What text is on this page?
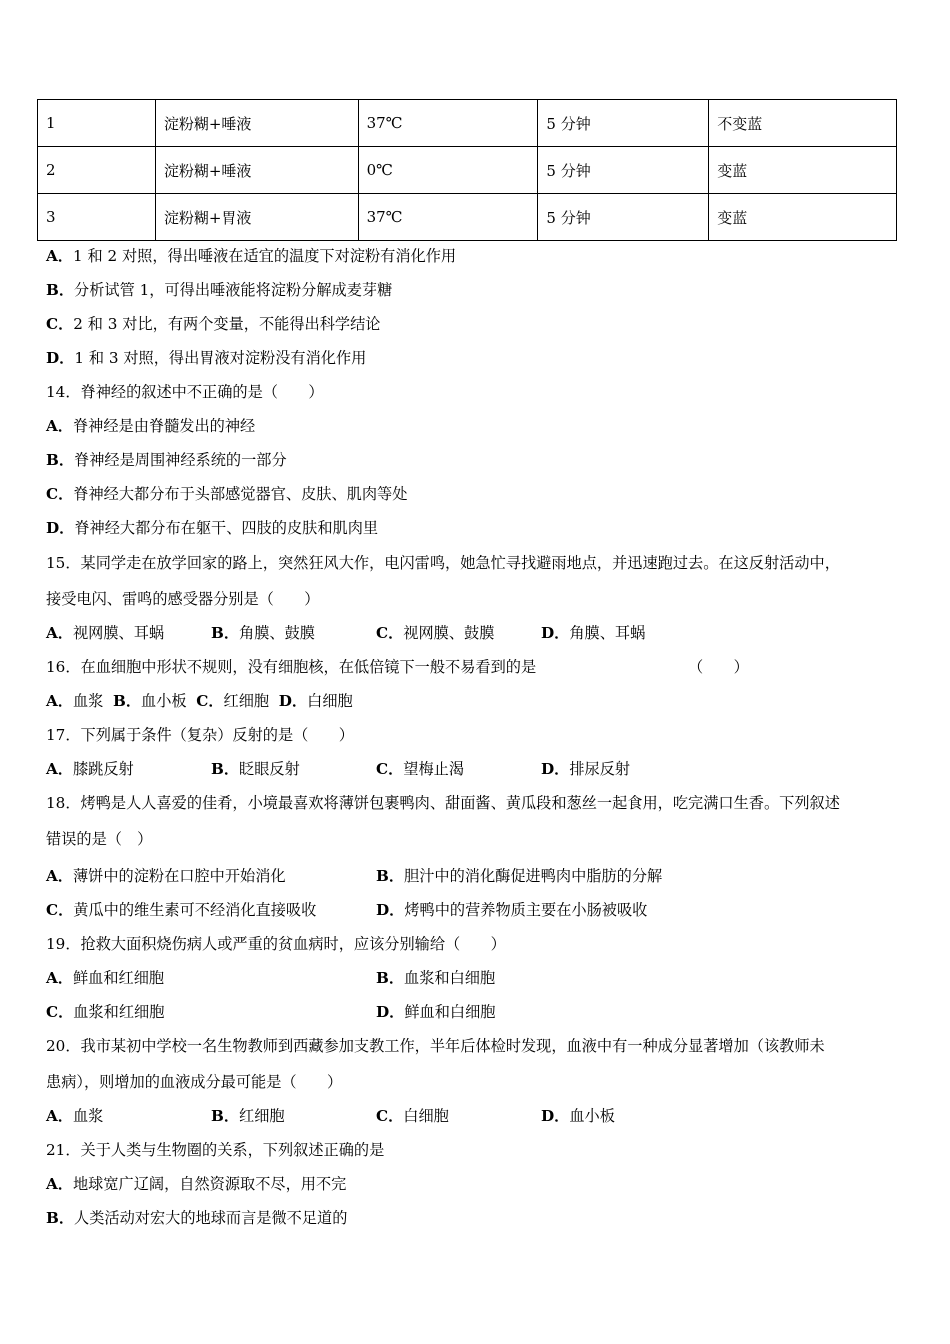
1	淀粉糊+唾液	37℃	5 分钟	不变蓝
2	淀粉糊+唾液	0℃	5 分钟	变蓝
3	淀粉糊+胃液	37℃	5 分钟	变蓝
A．1 和 2 对照，得出唾液在适宜的温度下对淀粉有消化作用
B．分析试管 1，可得出唾液能将淀粉分解成麦芽糖
C．2 和 3 对比，有两个变量，不能得出科学结论
D．1 和 3 对照，得出胃液对淀粉没有消化作用
14．脊神经的叙述中不正确的是（　　）
A．脊神经是由脊髓发出的神经
B．脊神经是周围神经系统的一部分
C．脊神经大都分布于头部感觉器官、皮肤、肌肉等处
D．脊神经大都分布在躯干、四肢的皮肤和肌肉里
15．某同学走在放学回家的路上，突然狂风大作，电闪雷鸣，她急忙寻找避雨地点，并迅速跑过去。在这反射活动中，
接受电闪、雷鸣的感受器分别是（　　）
A．视网膜、耳蜗	B．角膜、鼓膜	C．视网膜、鼓膜	D．角膜、耳蜗
16．在血细胞中形状不规则，没有细胞核，在低倍镜下一般不易看到的是	（　　）
A．血浆 B．血小板 C．红细胞 D．白细胞
17．下列属于条件（复杂）反射的是（　　）
A．膝跳反射	B．眨眼反射	C．望梅止渴	D．排尿反射
18．烤鸭是人人喜爱的佳肴，小境最喜欢将薄饼包裹鸭肉、甜面酱、黄瓜段和葱丝一起食用，吃完满口生香。下列叙述
错误的是（　）
A．薄饼中的淀粉在口腔中开始消化	B．胆汁中的消化酶促进鸭肉中脂肪的分解
C．黄瓜中的维生素可不经消化直接吸收	D．烤鸭中的营养物质主要在小肠被吸收
19．抢救大面积烧伤病人或严重的贫血病时，应该分别输给（　　）
A．鲜血和红细胞	B．血浆和白细胞
C．血浆和红细胞	D．鲜血和白细胞
20．我市某初中学校一名生物教师到西藏参加支教工作，半年后体检时发现，血液中有一种成分显著增加（该教师未
患病），则增加的血液成分最可能是（　　）
A．血浆	B．红细胞	C．白细胞	D．血小板
21．关于人类与生物圈的关系，下列叙述正确的是
A．地球宽广辽阔，自然资源取不尽，用不完
B．人类活动对宏大的地球而言是微不足道的
